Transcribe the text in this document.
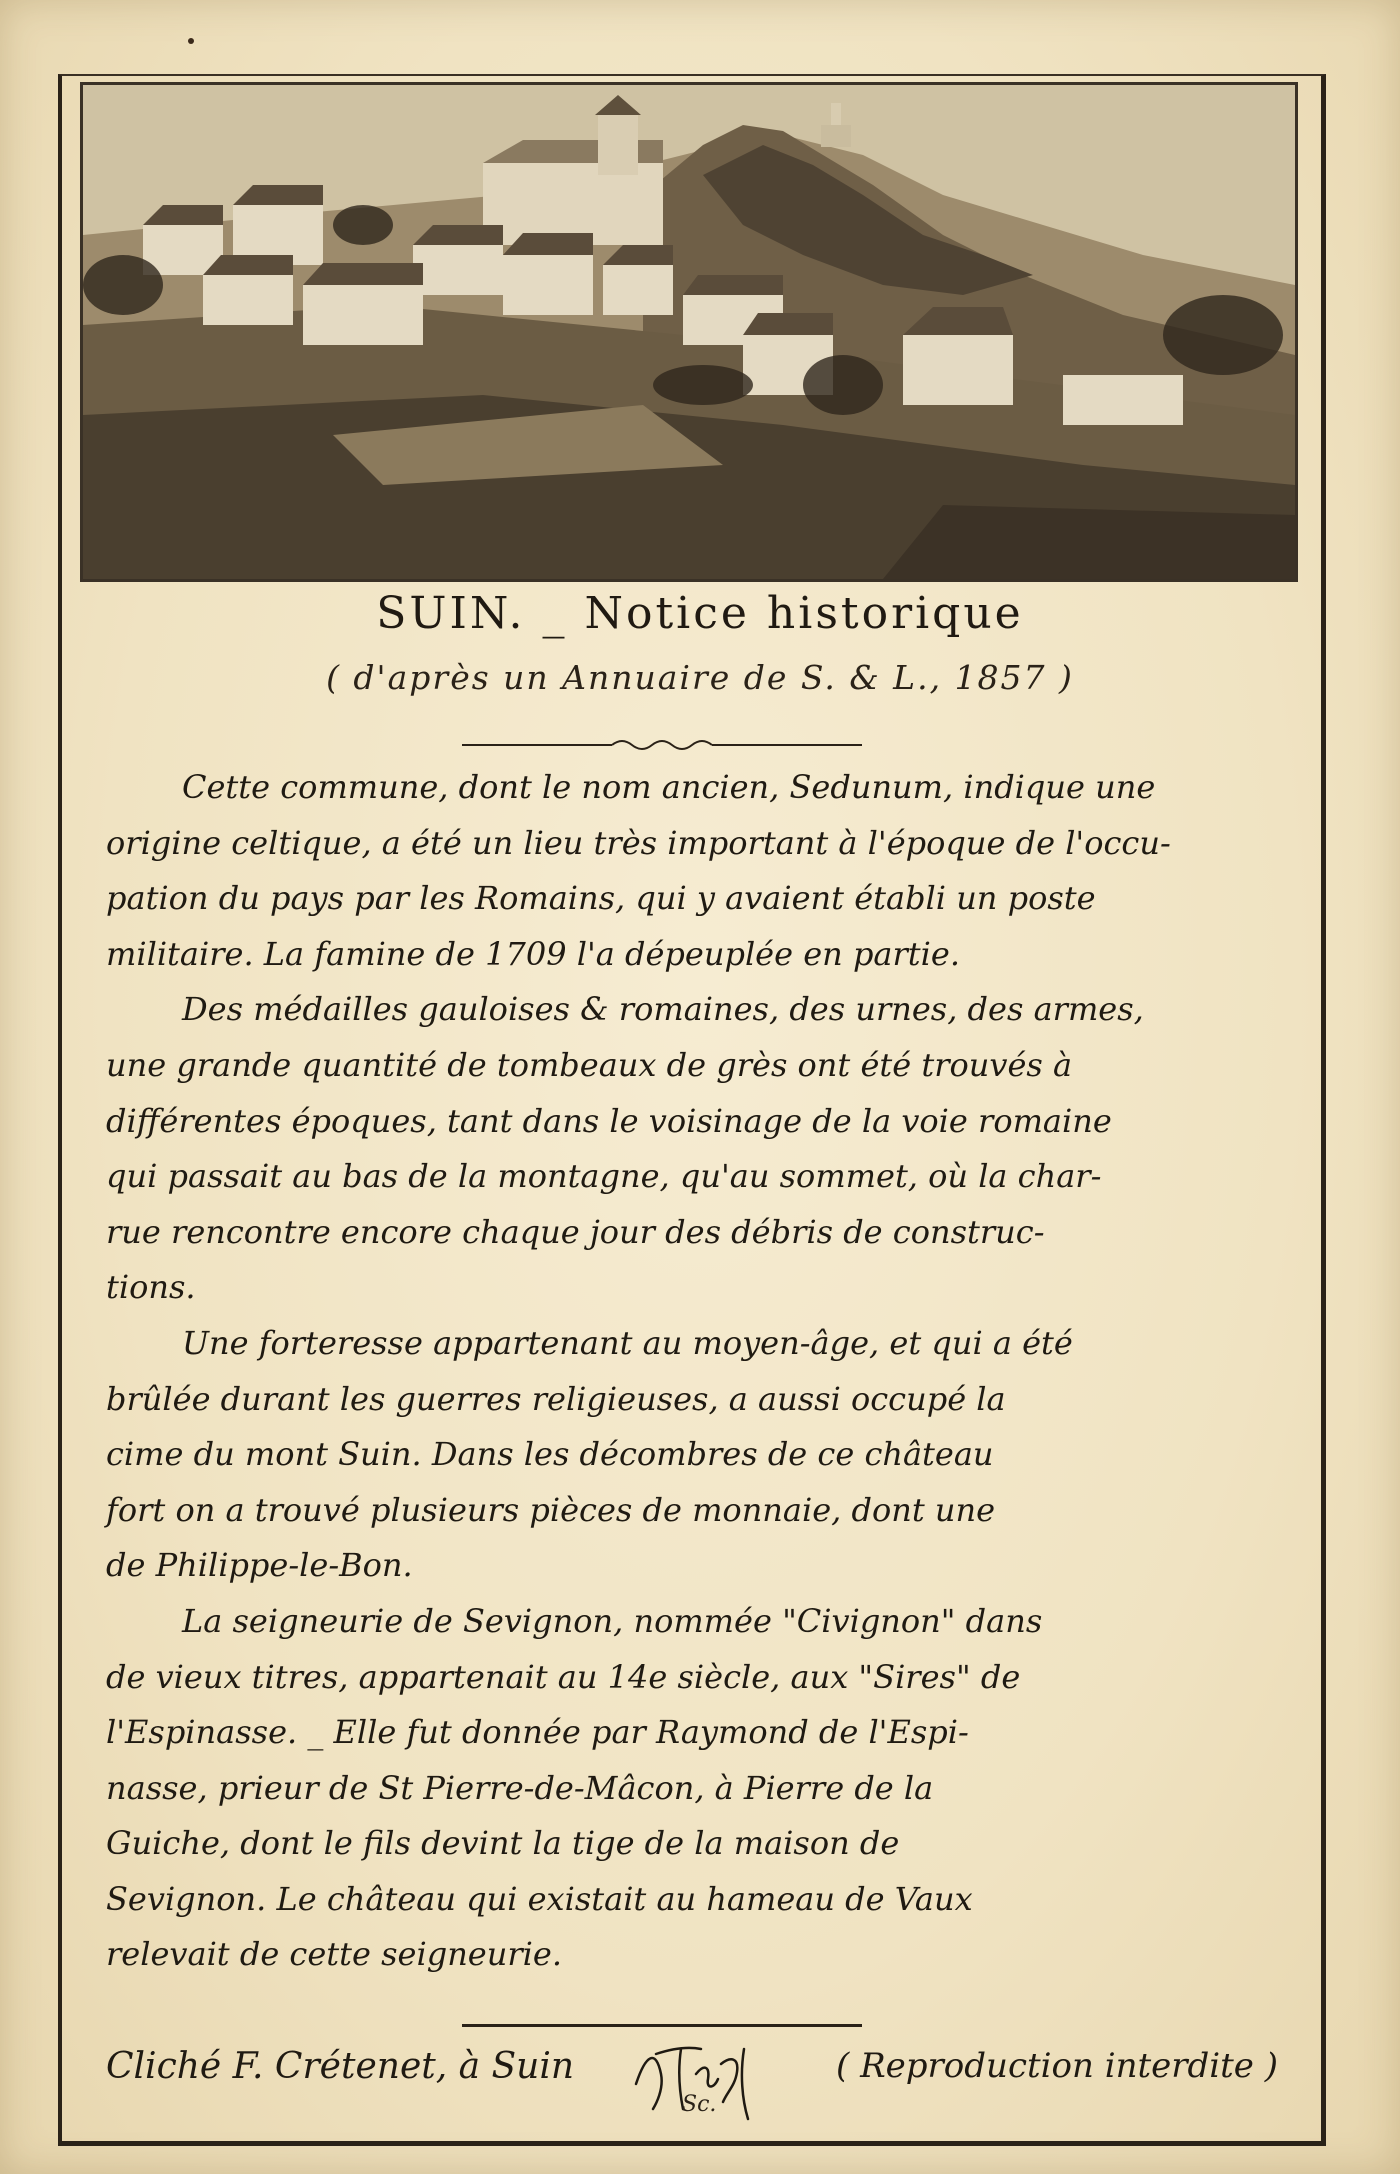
SUIN. _ Notice historique
( d'après un Annuaire de S. & L., 1857 )

Cette commune, dont le nom ancien, Sedunum, indique une
origine celtique, a été un lieu très important à l'époque de l'occu-
pation du pays par les Romains, qui y avaient établi un poste
militaire. La famine de 1709 l'a dépeuplée en partie.

Des médailles gauloises & romaines, des urnes, des armes,
une grande quantité de tombeaux de grès ont été trouvés à
différentes époques, tant dans le voisinage de la voie romaine
qui passait au bas de la montagne, qu'au sommet, où la char-
rue rencontre encore chaque jour des débris de construc-
tions.

Une forteresse appartenant au moyen-âge, et qui a été
brûlée durant les guerres religieuses, a aussi occupé la
cime du mont Suin. Dans les décombres de ce château
fort on a trouvé plusieurs pièces de monnaie, dont une
de Philippe-le-Bon.

La seigneurie de Sevignon, nommée "Civignon" dans
de vieux titres, appartenait au 14e siècle, aux "Sires" de
l'Espinasse. _ Elle fut donnée par Raymond de l'Espi-
nasse, prieur de St Pierre-de-Mâcon, à Pierre de la
Guiche, dont le fils devint la tige de la maison de
Sevignon. Le château qui existait au hameau de Vaux
relevait de cette seigneurie.

Cliché F. Crétenet, à Suin
Sc.
( Reproduction interdite )
